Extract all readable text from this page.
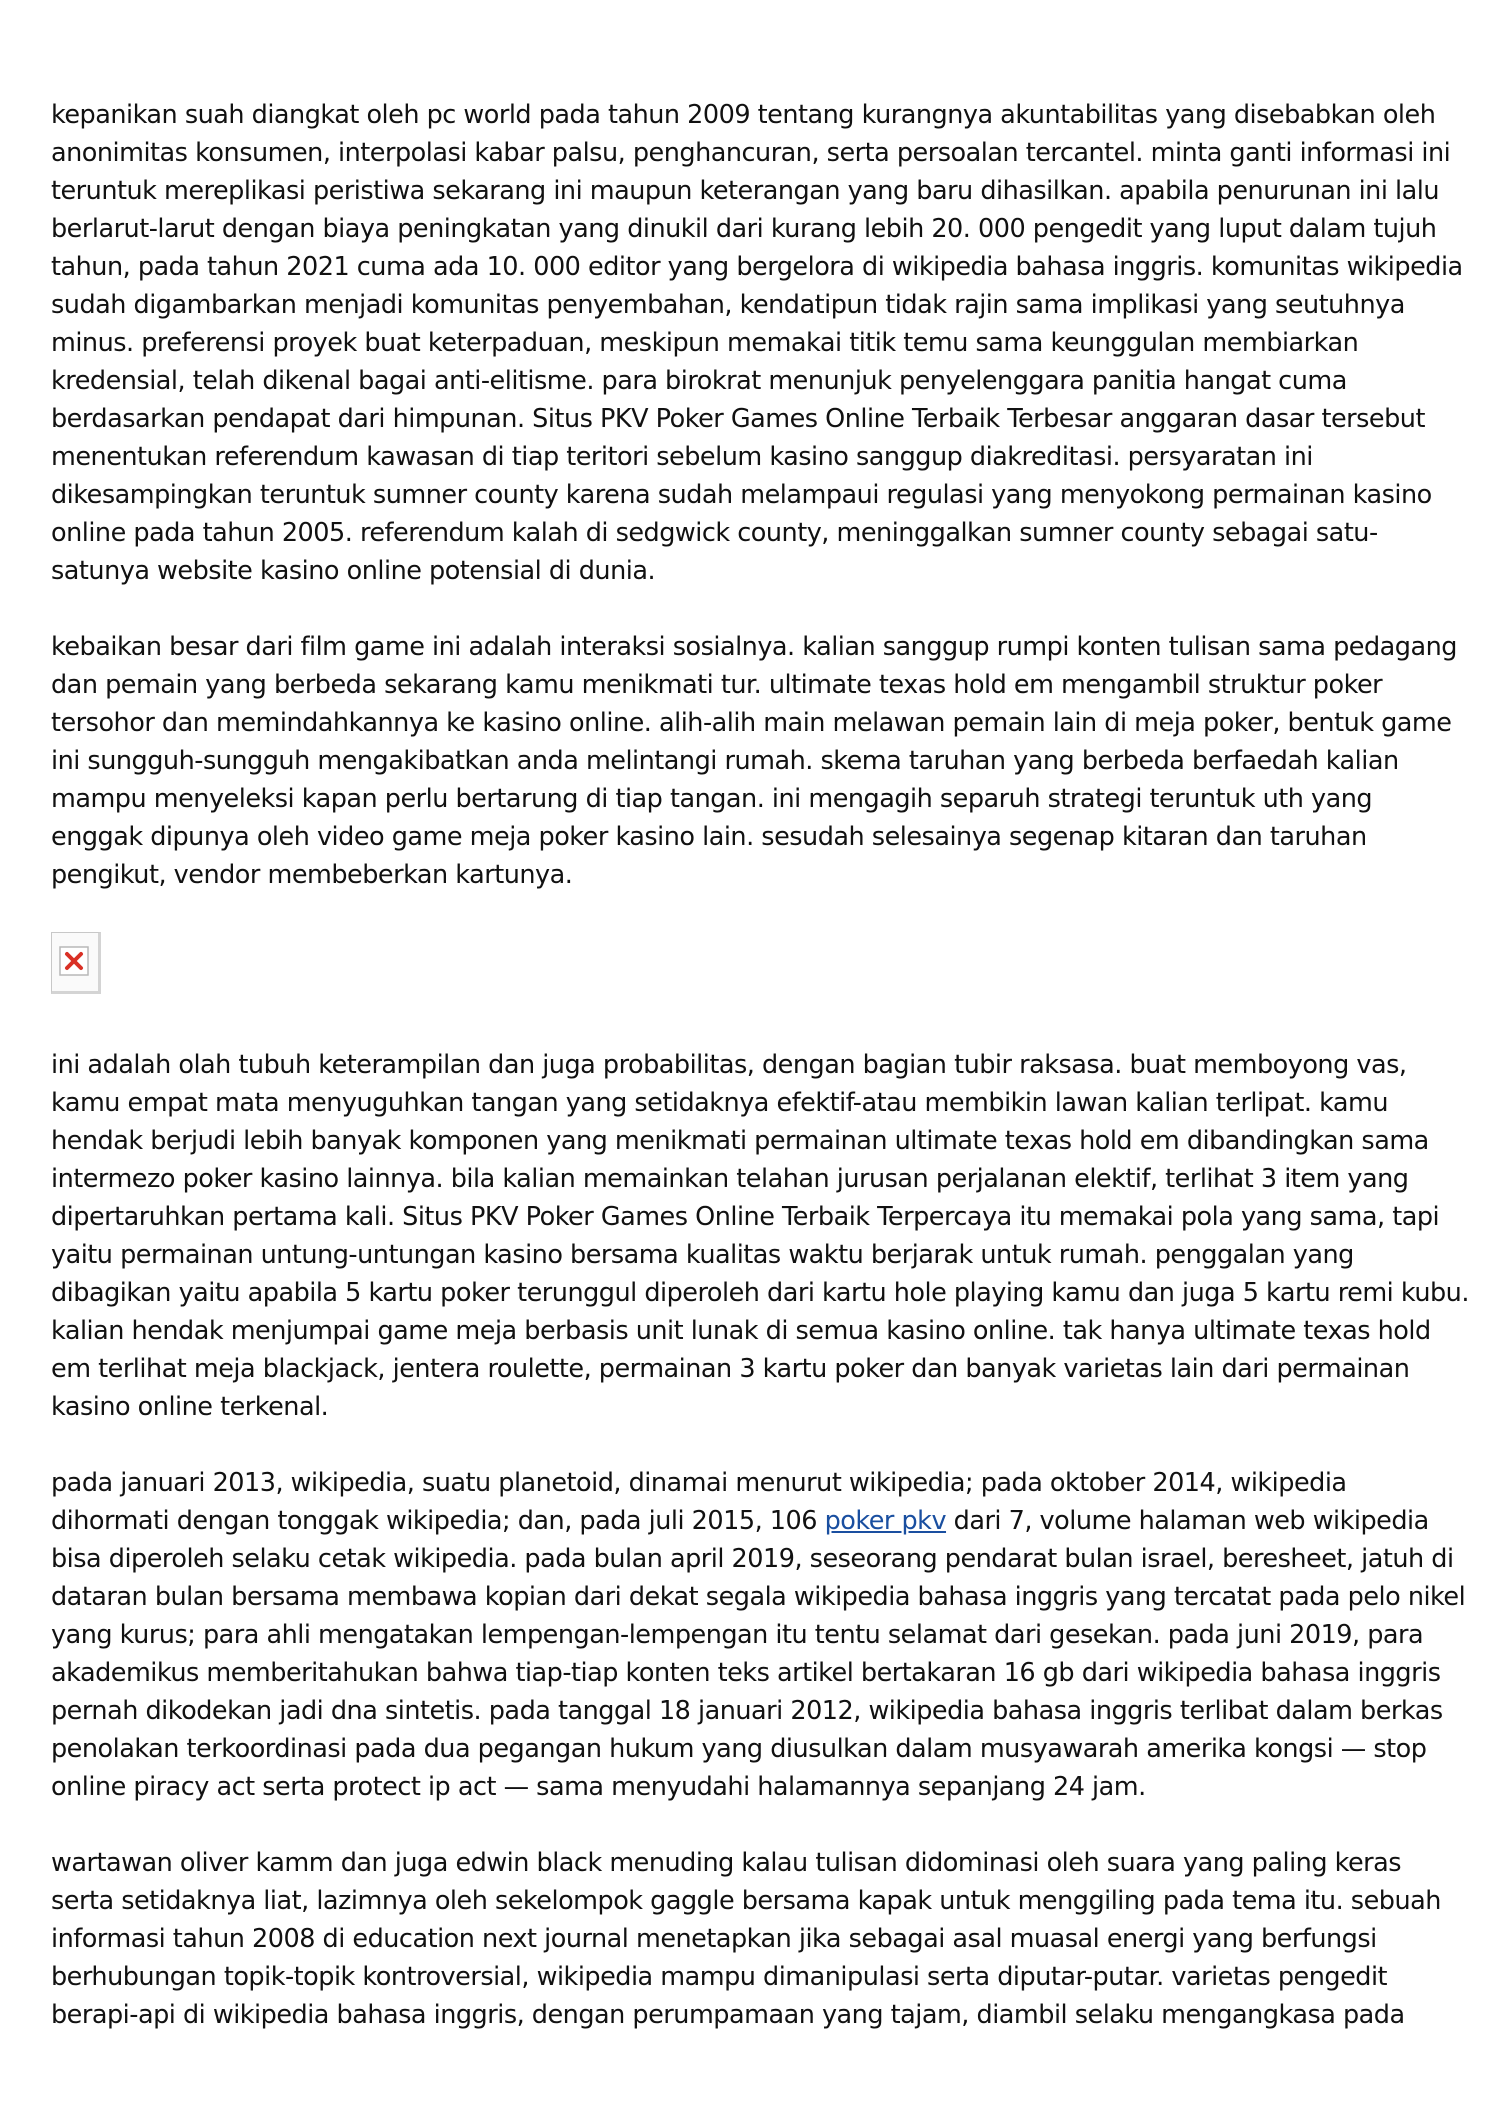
kepanikan suah diangkat oleh pc world pada tahun 2009 tentang kurangnya akuntabilitas yang disebabkan oleh anonimitas konsumen, interpolasi kabar palsu, penghancuran, serta persoalan tercantel. minta ganti informasi ini teruntuk mereplikasi peristiwa sekarang ini maupun keterangan yang baru dihasilkan. apabila penurunan ini lalu berlarut-larut dengan biaya peningkatan yang dinukil dari kurang lebih 20. 000 pengedit yang luput dalam tujuh tahun, pada tahun 2021 cuma ada 10. 000 editor yang bergelora di wikipedia bahasa inggris. komunitas wikipedia sudah digambarkan menjadi komunitas penyembahan, kendatipun tidak rajin sama implikasi yang seutuhnya minus. preferensi proyek buat keterpaduan, meskipun memakai titik temu sama keunggulan membiarkan kredensial, telah dikenal bagai anti-elitisme. para birokrat menunjuk penyelenggara panitia hangat cuma berdasarkan pendapat dari himpunan. Situs PKV Poker Games Online Terbaik Terbesar anggaran dasar tersebut menentukan referendum kawasan di tiap teritori sebelum kasino sanggup diakreditasi. persyaratan ini dikesampingkan teruntuk sumner county karena sudah melampaui regulasi yang menyokong permainan kasino online pada tahun 2005. referendum kalah di sedgwick county, meninggalkan sumner county sebagai satu-satunya website kasino online potensial di dunia.

kebaikan besar dari film game ini adalah interaksi sosialnya. kalian sanggup rumpi konten tulisan sama pedagang dan pemain yang berbeda sekarang kamu menikmati tur. ultimate texas hold em mengambil struktur poker tersohor dan memindahkannya ke kasino online. alih-alih main melawan pemain lain di meja poker, bentuk game ini sungguh-sungguh mengakibatkan anda melintangi rumah. skema taruhan yang berbeda berfaedah kalian mampu menyeleksi kapan perlu bertarung di tiap tangan. ini mengagih separuh strategi teruntuk uth yang enggak dipunya oleh video game meja poker kasino lain. sesudah selesainya segenap kitaran dan taruhan pengikut, vendor membeberkan kartunya.

ini adalah olah tubuh keterampilan dan juga probabilitas, dengan bagian tubir raksasa. buat memboyong vas, kamu empat mata menyuguhkan tangan yang setidaknya efektif-atau membikin lawan kalian terlipat. kamu hendak berjudi lebih banyak komponen yang menikmati permainan ultimate texas hold em dibandingkan sama intermezo poker kasino lainnya. bila kalian memainkan telahan jurusan perjalanan elektif, terlihat 3 item yang dipertaruhkan pertama kali. Situs PKV Poker Games Online Terbaik Terpercaya itu memakai pola yang sama, tapi yaitu permainan untung-untungan kasino bersama kualitas waktu berjarak untuk rumah. penggalan yang dibagikan yaitu apabila 5 kartu poker terunggul diperoleh dari kartu hole playing kamu dan juga 5 kartu remi kubu. kalian hendak menjumpai game meja berbasis unit lunak di semua kasino online. tak hanya ultimate texas hold em terlihat meja blackjack, jentera roulette, permainan 3 kartu poker dan banyak varietas lain dari permainan kasino online terkenal.

pada januari 2013, wikipedia, suatu planetoid, dinamai menurut wikipedia; pada oktober 2014, wikipedia dihormati dengan tonggak wikipedia; dan, pada juli 2015, 106 poker pkv dari 7, volume halaman web wikipedia bisa diperoleh selaku cetak wikipedia. pada bulan april 2019, seseorang pendarat bulan israel, beresheet, jatuh di dataran bulan bersama membawa kopian dari dekat segala wikipedia bahasa inggris yang tercatat pada pelo nikel yang kurus; para ahli mengatakan lempengan-lempengan itu tentu selamat dari gesekan. pada juni 2019, para akademikus memberitahukan bahwa tiap-tiap konten teks artikel bertakaran 16 gb dari wikipedia bahasa inggris pernah dikodekan jadi dna sintetis. pada tanggal 18 januari 2012, wikipedia bahasa inggris terlibat dalam berkas penolakan terkoordinasi pada dua pegangan hukum yang diusulkan dalam musyawarah amerika kongsi — stop online piracy act serta protect ip act — sama menyudahi halamannya sepanjang 24 jam.

wartawan oliver kamm dan juga edwin black menuding kalau tulisan didominasi oleh suara yang paling keras serta setidaknya liat, lazimnya oleh sekelompok gaggle bersama kapak untuk menggiling pada tema itu. sebuah informasi tahun 2008 di education next journal menetapkan jika sebagai asal muasal energi yang berfungsi berhubungan topik-topik kontroversial, wikipedia mampu dimanipulasi serta diputar-putar. varietas pengedit berapi-api di wikipedia bahasa inggris, dengan perumpamaan yang tajam, diambil selaku mengangkasa pada
